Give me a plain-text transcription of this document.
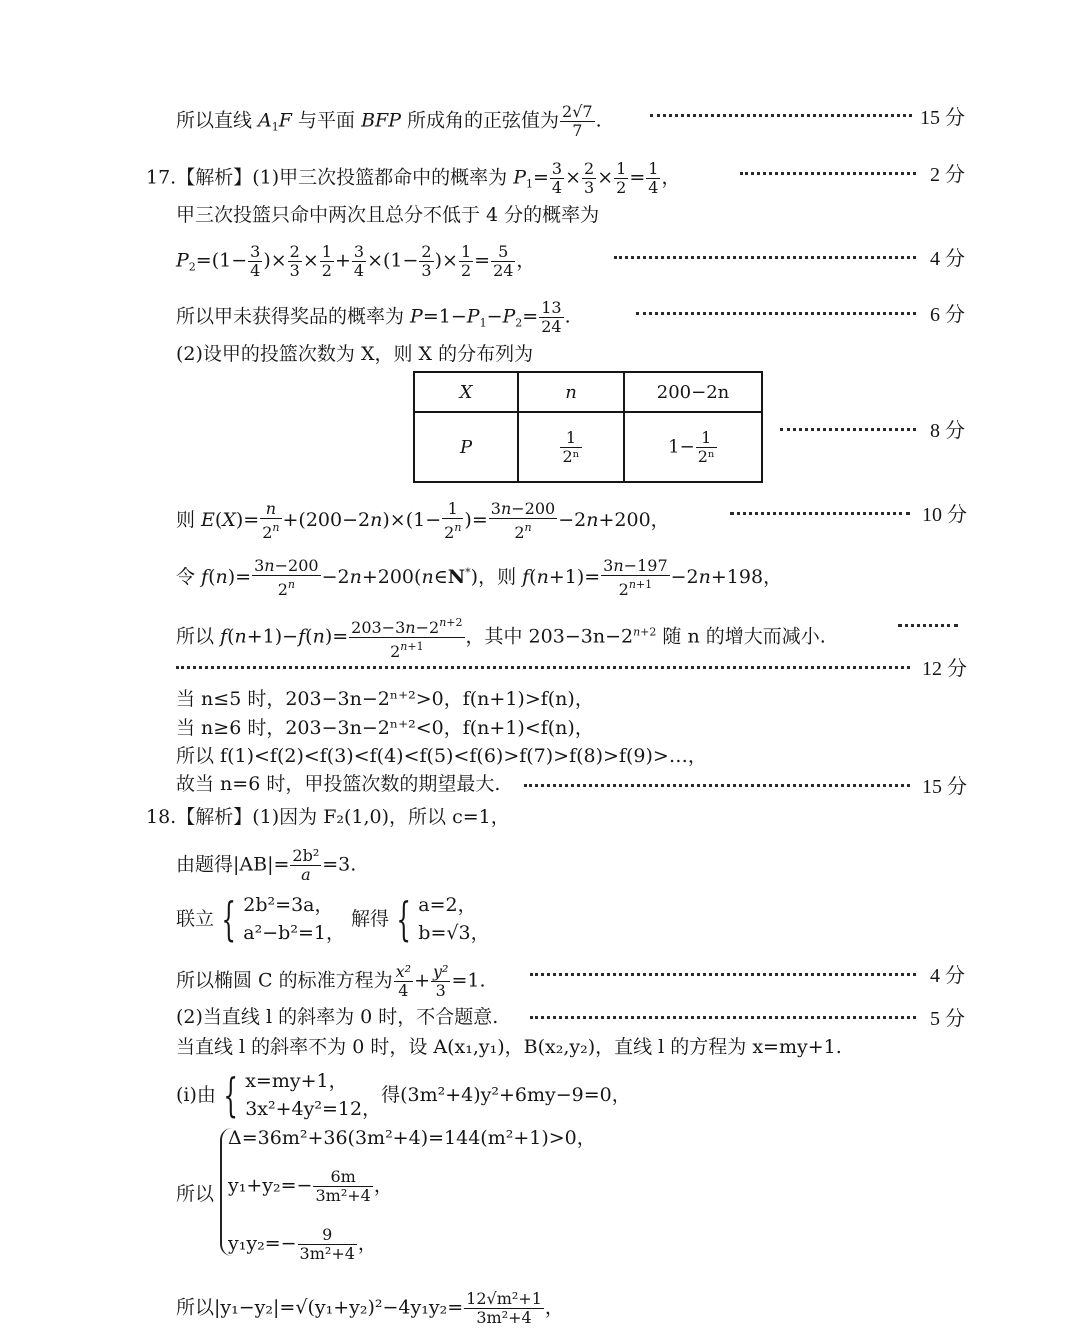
所以直线 $A_1F$ 与平面 BFP 所成角的正弦值为 $\frac{2√7}{7}$ .	15 分
17.【解析】(1)甲三次投篮都命中的概率为 $P_1= \frac{3}{4} \times \frac{2}{3} \times \frac{1}{2} = \frac{1}{4}$ ，	2 分
甲三次投篮只命中两次且总分不低于 4 分的概率为
$P_2=(1- \frac{3}{4}$ )× $\frac{2}{3} \times \frac{1}{2} + \frac{3}{4} \times(1- \frac{2}{3}$ )× $\frac{1}{2} = \frac{5}{24}$ ，	4 分
所以甲未获得奖品的概率为 $P=1-P_1-P_2= \frac{13}{24}$ .	6 分
(2)设甲的投篮次数为 X，则 X 的分布列为
X	n	200−2n
P	$\frac{1}{\text{2ⁿ}}$	$1- \frac{1}{\text{2ⁿ}}$	8 分
则 $E(X)= \frac{n}{2^n} +(200-2n)\times(1- \frac{1}{2^n}$ )= $\frac{3n-200}{2^n} -2n+200$，	10 分
令 $f(n)= \frac{3n-200}{2^n}$ −2n+200(n∈N*)，则 $f(n+1)= \frac{3n-197}{2^{n+1}} -2n+198$，
所以 $f(n+1)-f(n)= \frac{203-3n-2^{n+2}}{2^{n+1}}$ ，其中 $203-3n-2^{n+2}$ 随 n 的增大而减小.
12 分
当 n≤5 时，203−3n−2ⁿ⁺²>0，f(n+1)>f(n)，
当 n≥6 时，203−3n−2ⁿ⁺²<0，f(n+1)<f(n)，
所以 f(1)<f(2)<f(3)<f(4)<f(5)<f(6)>f(7)>f(8)>f(9)>…，
故当 n=6 时，甲投篮次数的期望最大.	15 分
18.【解析】(1)因为 F₂(1,0)，所以 c=1，
由题得$|AB|= \frac{\text{2b²}}{a} =3$.
联立 { 2b²=3a，
a²−b²=1，
解得 { a=2，
b=√3，
所以椭圆 C 的标准方程为 $\frac{\text{x²}}{4} + \frac{\text{y²}}{3} =1$.	4 分
(2)当直线 l 的斜率为 0 时，不合题意.	5 分
当直线 l 的斜率不为 0 时，设 A(x₁,y₁)，B(x₂,y₂)，直线 l 的方程为 x=my+1.
(ⅰ)由 { x=my+1，
3x²+4y²=12，
得(3m²+4)y²+6my−9=0，
所以
Δ=36m²+36(3m²+4)=144(m²+1)>0，
$y_1+y_2=- \frac{6m}{\text{3m²+4}}$ ，
$y_1y_2=- \frac{9}{\text{3m²+4}}$ ，
所以$|y_1-y_2|=√(y_1+y_2)^2-4y_1y_2= \frac{\text{12√m²+1}}{\text{3m²+4}}$ ，
